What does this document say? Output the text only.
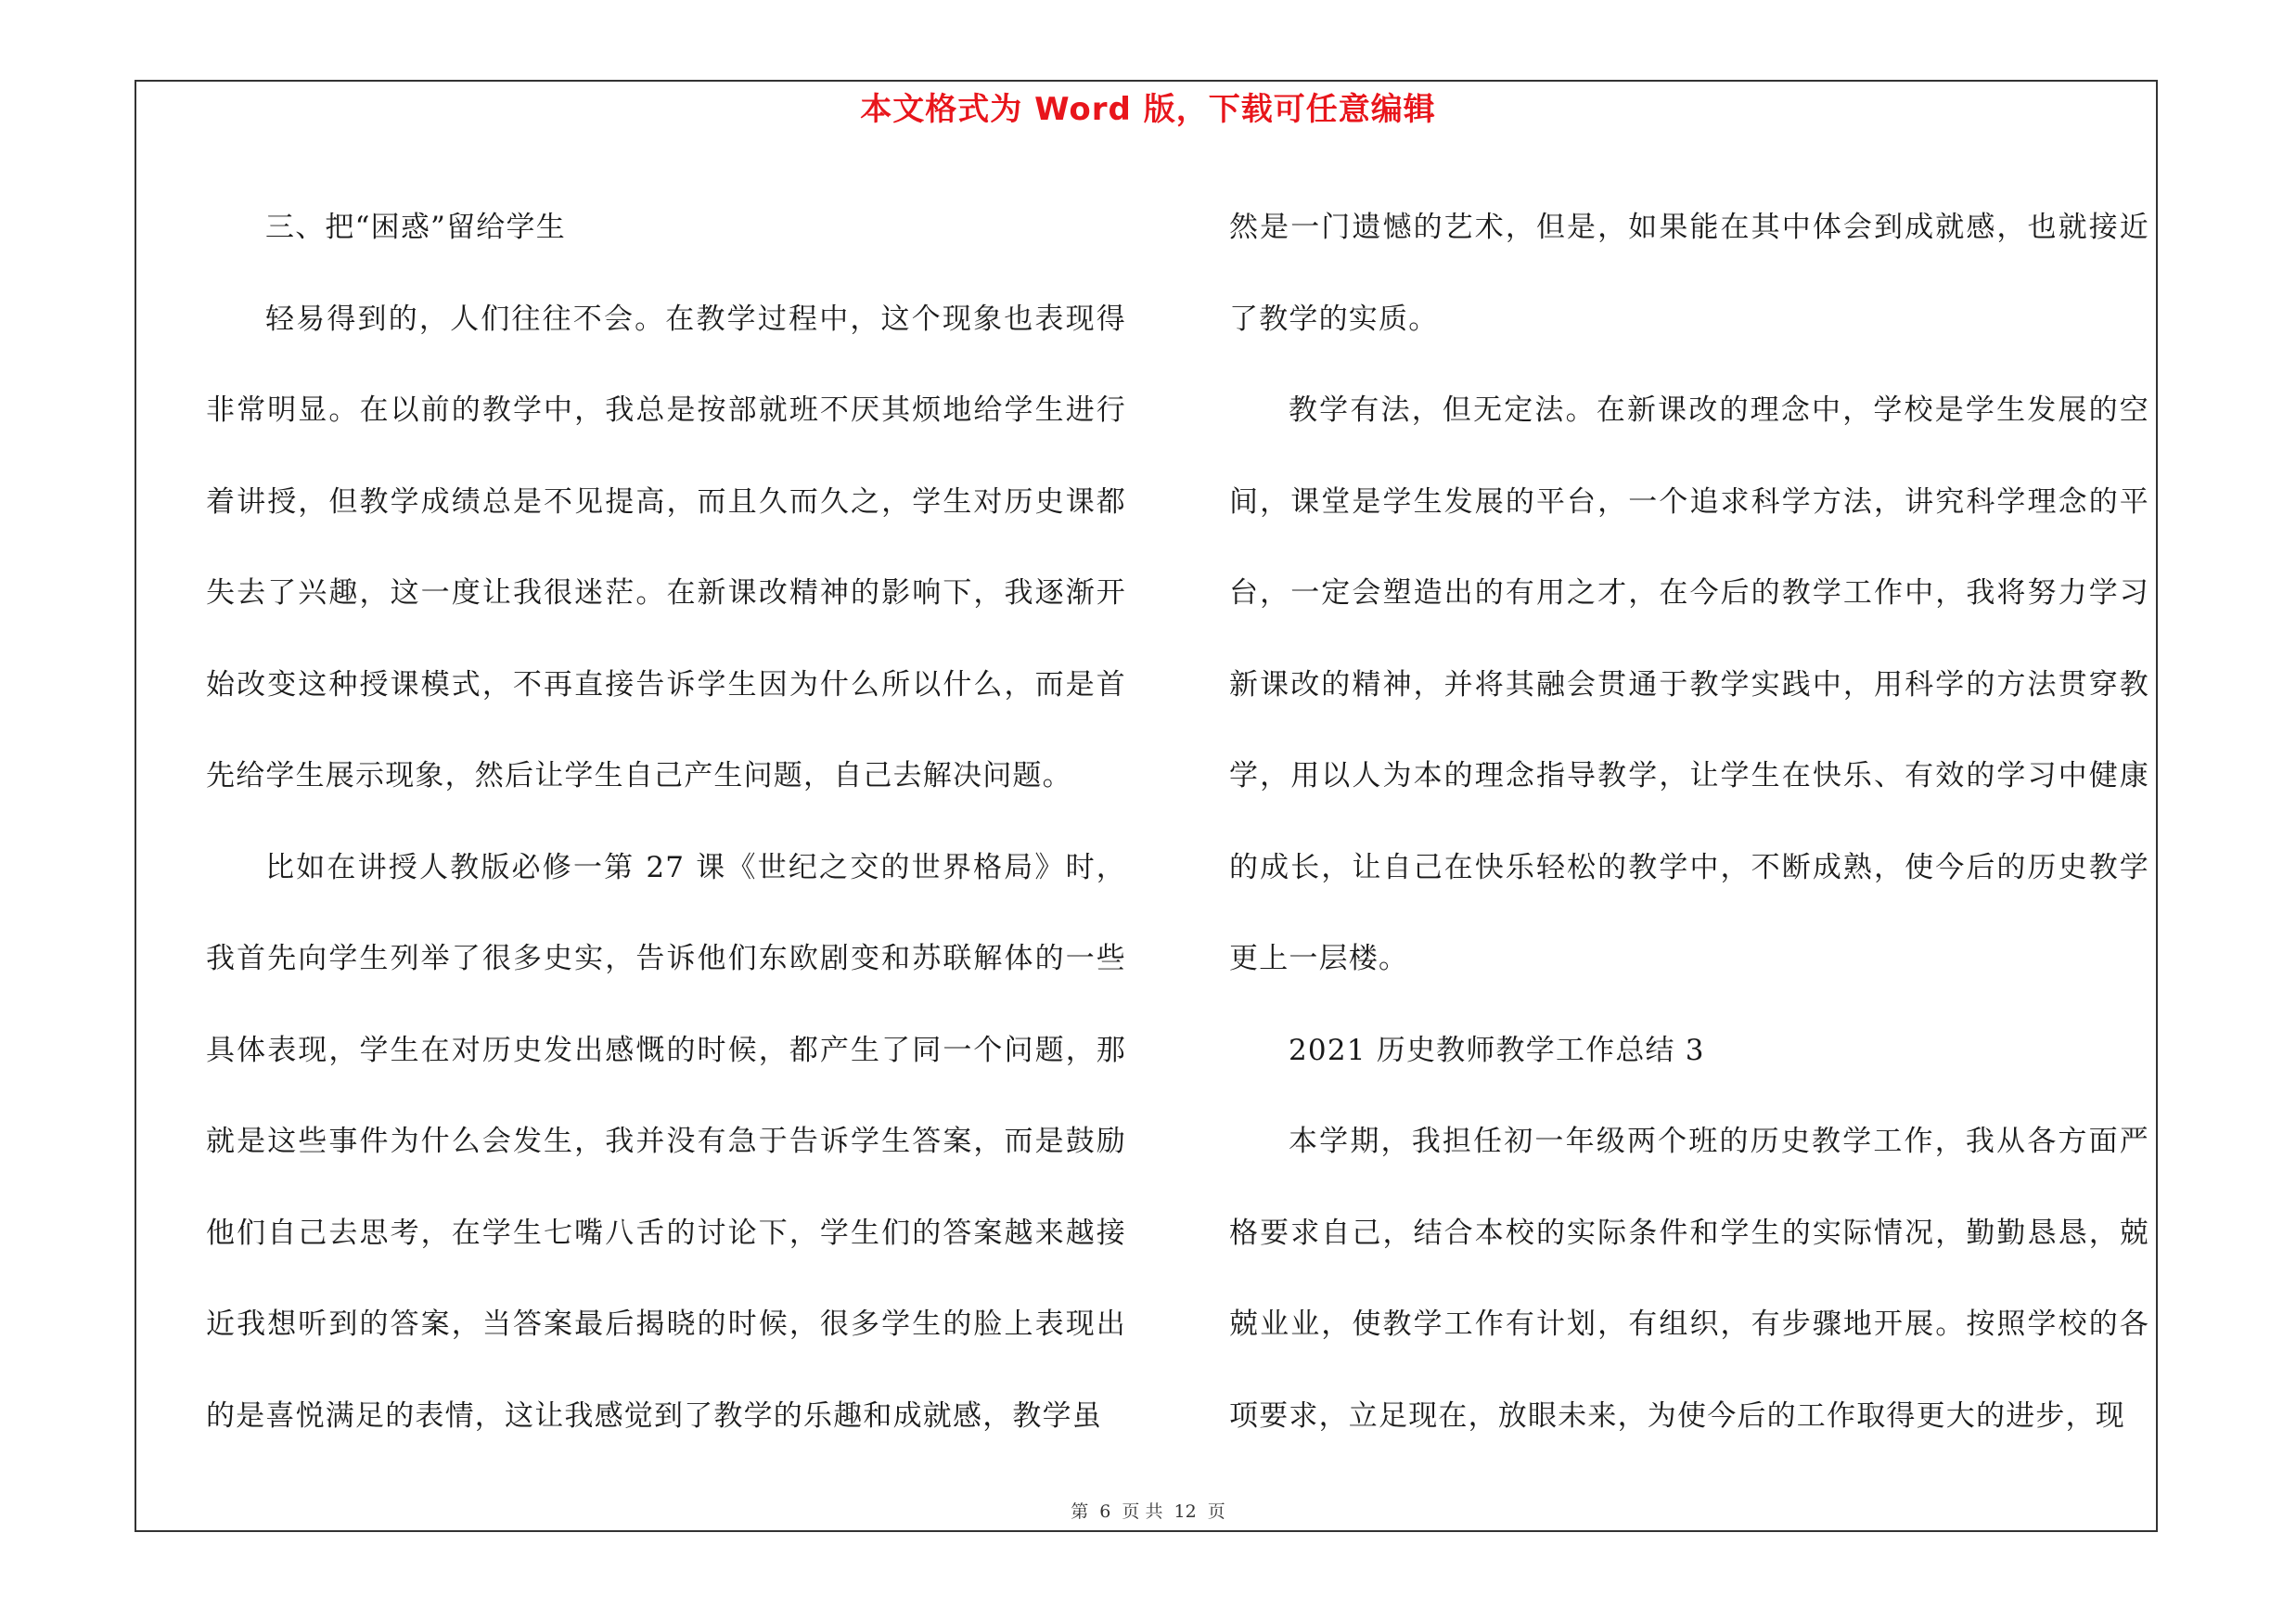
本文格式为 Word 版，下载可任意编辑

三、把“困惑”留给学生

轻易得到的，人们往往不会。在教学过程中，这个现象也表现得非常明显。在以前的教学中，我总是按部就班不厌其烦地给学生进行着讲授，但教学成绩总是不见提高，而且久而久之，学生对历史课都失去了兴趣，这一度让我很迷茫。在新课改精神的影响下，我逐渐开始改变这种授课模式，不再直接告诉学生因为什么所以什么，而是首先给学生展示现象，然后让学生自己产生问题，自己去解决问题。

比如在讲授人教版必修一第 27 课《世纪之交的世界格局》时，我首先向学生列举了很多史实，告诉他们东欧剧变和苏联解体的一些具体表现，学生在对历史发出感慨的时候，都产生了同一个问题，那就是这些事件为什么会发生，我并没有急于告诉学生答案，而是鼓励他们自己去思考，在学生七嘴八舌的讨论下，学生们的答案越来越接近我想听到的答案，当答案最后揭晓的时候，很多学生的脸上表现出的是喜悦满足的表情，这让我感觉到了教学的乐趣和成就感，教学虽

然是一门遗憾的艺术，但是，如果能在其中体会到成就感，也就接近了教学的实质。

教学有法，但无定法。在新课改的理念中，学校是学生发展的空间，课堂是学生发展的平台，一个追求科学方法，讲究科学理念的平台，一定会塑造出的有用之才，在今后的教学工作中，我将努力学习新课改的精神，并将其融会贯通于教学实践中，用科学的方法贯穿教学，用以人为本的理念指导教学，让学生在快乐、有效的学习中健康的成长，让自己在快乐轻松的教学中，不断成熟，使今后的历史教学更上一层楼。

2021 历史教师教学工作总结 3

本学期，我担任初一年级两个班的历史教学工作，我从各方面严格要求自己，结合本校的实际条件和学生的实际情况，勤勤恳恳，兢兢业业，使教学工作有计划，有组织，有步骤地开展。按照学校的各项要求，立足现在，放眼未来，为使今后的工作取得更大的进步，现

第 6 页 共 12 页
